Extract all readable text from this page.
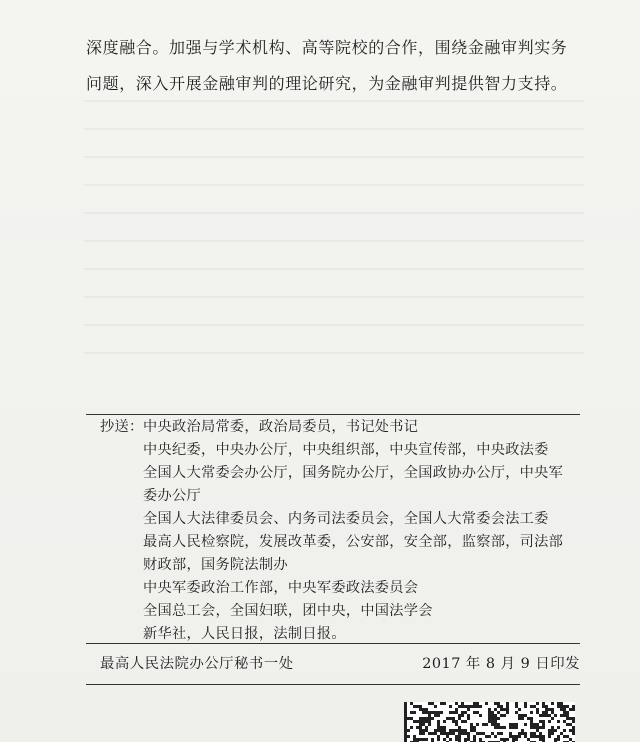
深度融合。加强与学术机构、高等院校的合作，围绕金融审判实务

问题，深入开展金融审判的理论研究，为金融审判提供智力支持。

抄送： 中央政治局常委，政治局委员，书记处书记
中央纪委，中央办公厅，中央组织部，中央宣传部，中央政法委
全国人大常委会办公厅，国务院办公厅，全国政协办公厅，中央军
委办公厅
全国人大法律委员会、内务司法委员会，全国人大常委会法工委
最高人民检察院，发展改革委，公安部，安全部，监察部，司法部
财政部，国务院法制办
中央军委政治工作部，中央军委政法委员会
全国总工会，全国妇联，团中央，中国法学会
新华社，人民日报，法制日报。
最高人民法院办公厅秘书一处	2017 年 8 月 9 日印发
